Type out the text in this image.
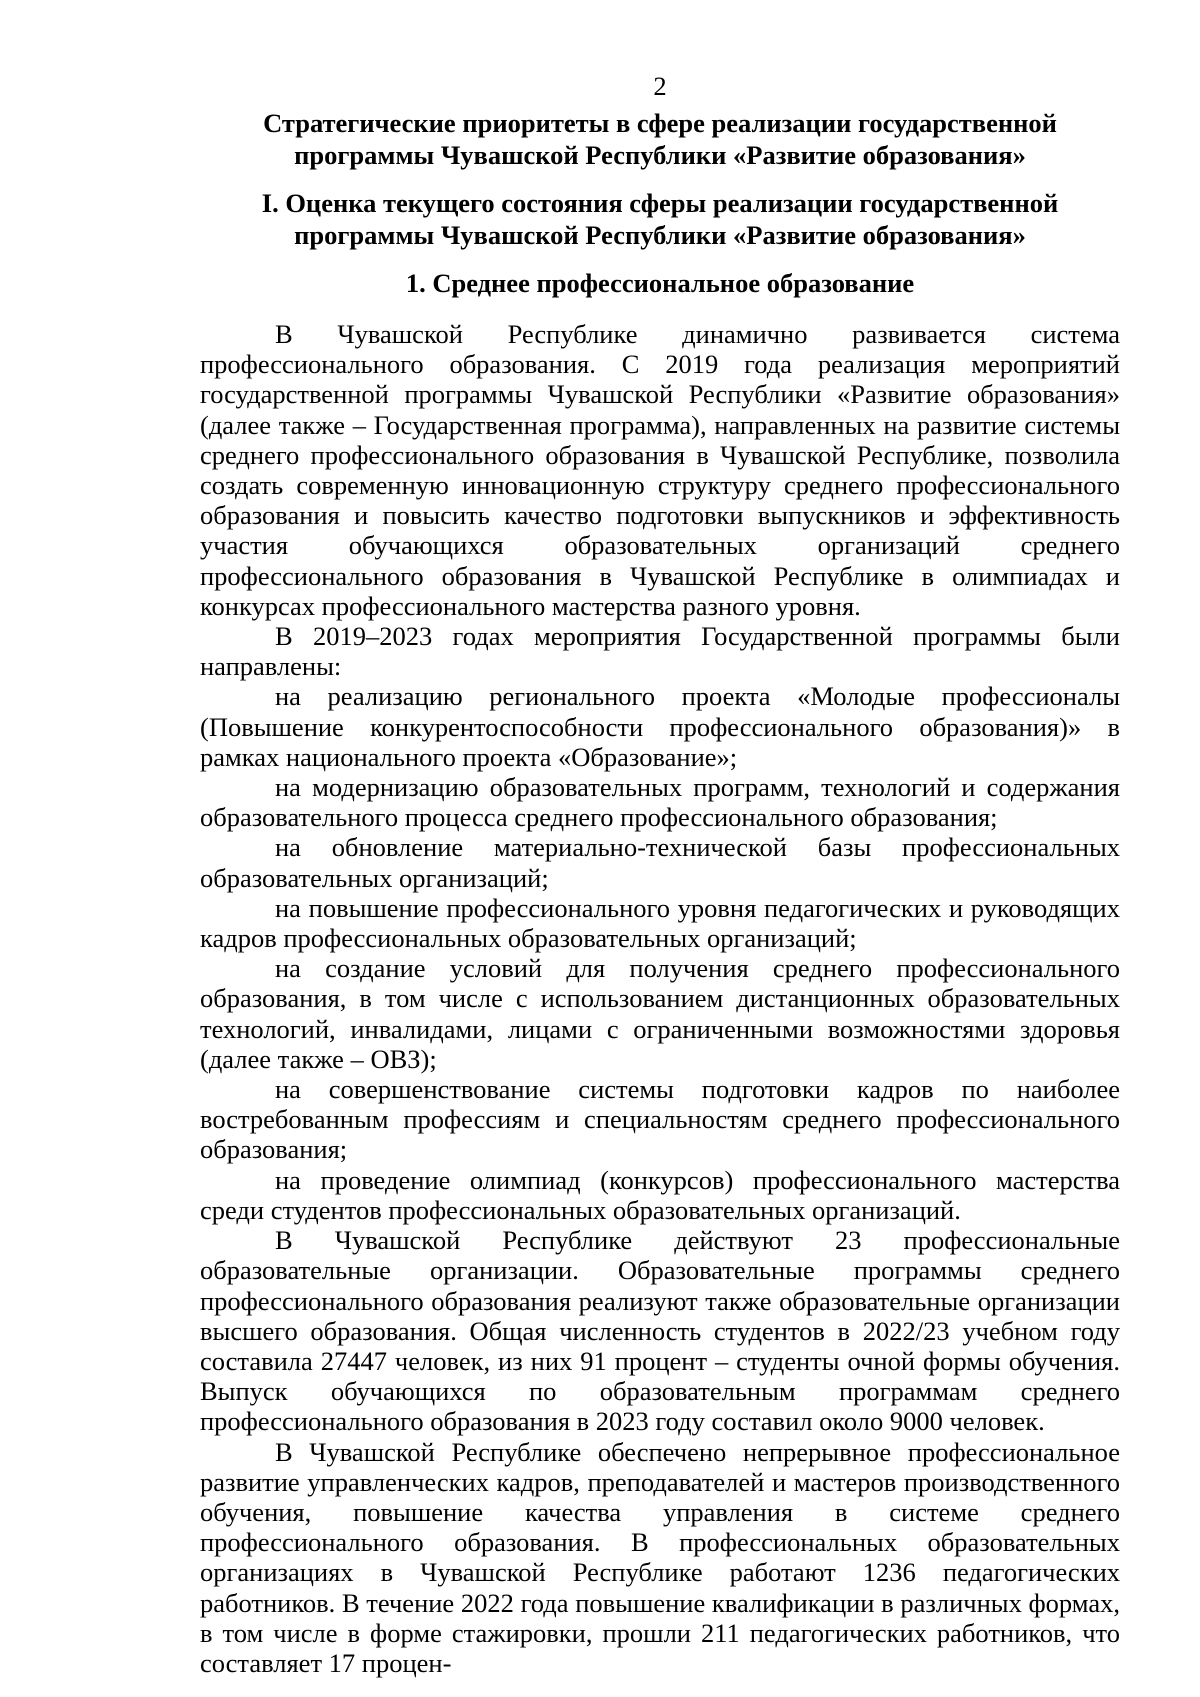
2
Стратегические приоритеты в сфере реализации государственной
программы Чувашской Республики «Развитие образования»
I. Оценка текущего состояния сферы реализации государственной
программы Чувашской Республики «Развитие образования»
1. Среднее профессиональное образование

В Чувашской Республике динамично развивается система профессионального образования. С 2019 года реализация мероприятий государственной программы Чувашской Республики «Развитие образования» (далее также – Государственная программа), направленных на развитие системы среднего профессионального образования в Чувашской Республике, позволила создать современную инновационную структуру среднего профессионального образования и повысить качество подготовки выпускников и эффективность участия обучающихся образовательных организаций среднего профессионального образования в Чувашской Республике в олимпиадах и конкурсах профессионального мастерства разного уровня.

В 2019–2023 годах мероприятия Государственной программы были направлены:

на реализацию регионального проекта «Молодые профессионалы (Повышение конкурентоспособности профессионального образования)» в рамках национального проекта «Образование»;

на модернизацию образовательных программ, технологий и содержания образовательного процесса среднего профессионального образования;

на обновление материально-технической базы профессиональных образовательных организаций;

на повышение профессионального уровня педагогических и руководящих кадров профессиональных образовательных организаций;

на создание условий для получения среднего профессионального образования, в том числе с использованием дистанционных образовательных технологий, инвалидами, лицами с ограниченными возможностями здоровья (далее также – ОВЗ);

на совершенствование системы подготовки кадров по наиболее востребованным профессиям и специальностям среднего профессионального образования;

на проведение олимпиад (конкурсов) профессионального мастерства среди студентов профессиональных образовательных организаций.

В Чувашской Республике действуют 23 профессиональные образовательные организации. Образовательные программы среднего профессионального образования реализуют также образовательные организации высшего образования. Общая численность студентов в 2022/23 учебном году составила 27447 человек, из них 91 процент – студенты очной формы обучения. Выпуск обучающихся по образовательным программам среднего профессионального образования в 2023 году составил около 9000 человек.

В Чувашской Республике обеспечено непрерывное профессиональное развитие управленческих кадров, преподавателей и мастеров производственного обучения, повышение качества управления в системе среднего профессионального образования. В профессиональных образовательных организациях в Чувашской Республике работают 1236 педагогических работников. В течение 2022 года повышение квалификации в различных формах, в том числе в форме стажировки, прошли 211 педагогических работников, что составляет 17 процен-
